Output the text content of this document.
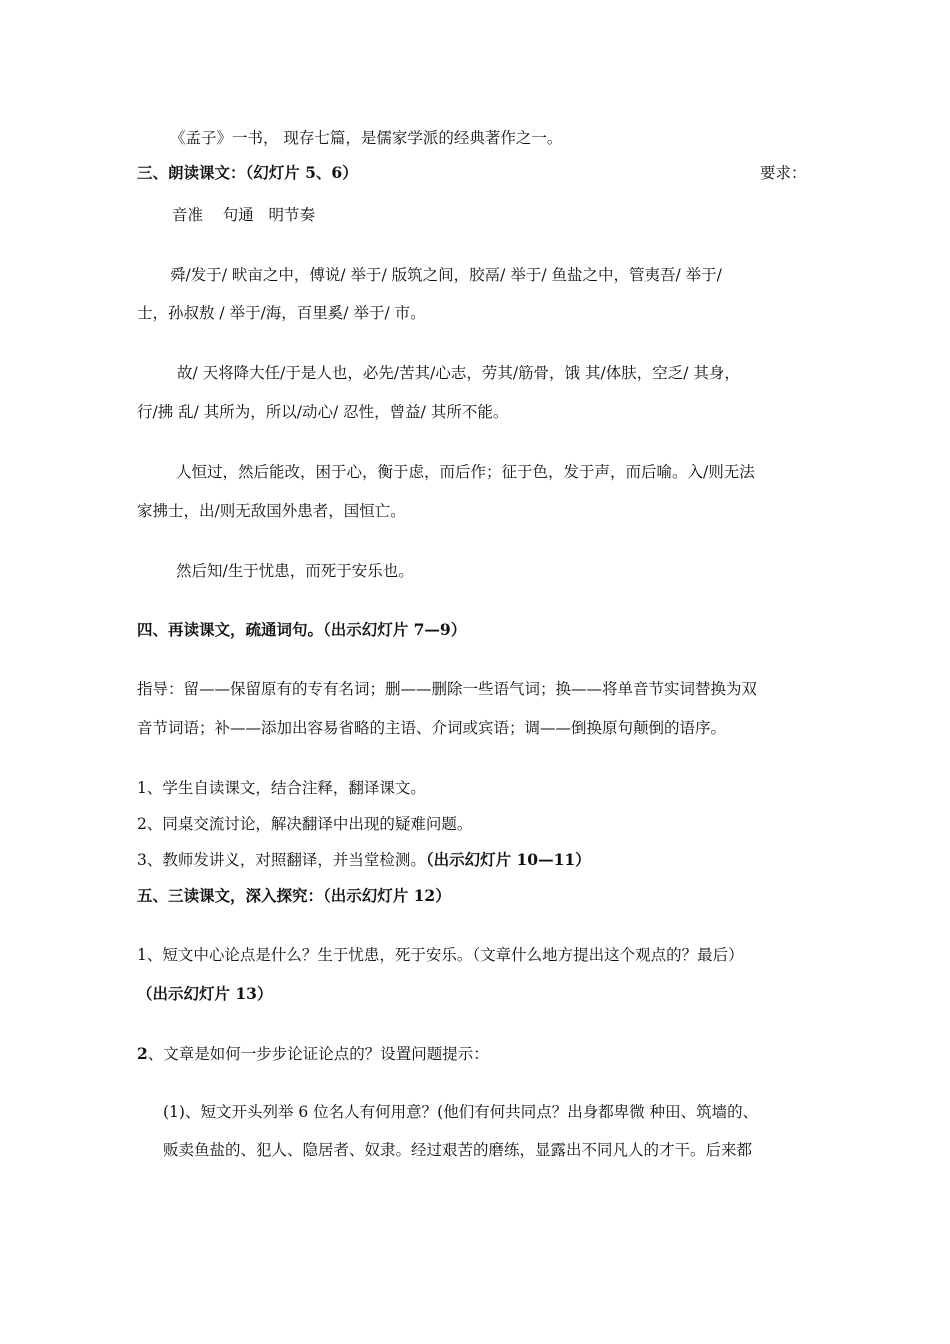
《孟子》一书， 现存七篇，是儒家学派的经典著作之一。
三、朗读课文：（幻灯片 5、6）	要求：
音准    句通   明节奏
舜/发于/ 畎亩之中，傅说/ 举于/ 版筑之间，胶鬲/ 举于/ 鱼盐之中，管夷吾/ 举于/
士，孙叔敖 / 举于/海，百里奚/ 举于/ 市。
故/ 天将降大任/于是人也，必先/苦其/心志，劳其/筋骨，饿 其/体肤，空乏/ 其身，
行/拂 乱/ 其所为，所以/动心/ 忍性，曾益/ 其所不能。
人恒过，然后能改，困于心，衡于虑，而后作；征于色，发于声，而后喻。入/则无法
家拂士，出/则无敌国外患者，国恒亡。
然后知/生于忧患，而死于安乐也。
四、再读课文，疏通词句。（出示幻灯片 7—9）
指导：留——保留原有的专有名词；删——删除一些语气词；换——将单音节实词替换为双
音节词语；补——添加出容易省略的主语、介词或宾语；调——倒换原句颠倒的语序。
1、学生自读课文，结合注释，翻译课文。
2、同桌交流讨论，解决翻译中出现的疑难问题。
3、教师发讲义，对照翻译，并当堂检测。（出示幻灯片 10—11）
五、三读课文，深入探究：（出示幻灯片 12）
1、短文中心论点是什么？生于忧患，死于安乐。（文章什么地方提出这个观点的？最后）
（出示幻灯片 13）
2、文章是如何一步步论证论点的？设置问题提示：
(1)、短文开头列举 6 位名人有何用意？(他们有何共同点？出身都卑微 种田、筑墙的、
贩卖鱼盐的、犯人、隐居者、奴隶。经过艰苦的磨练，显露出不同凡人的才干。后来都
